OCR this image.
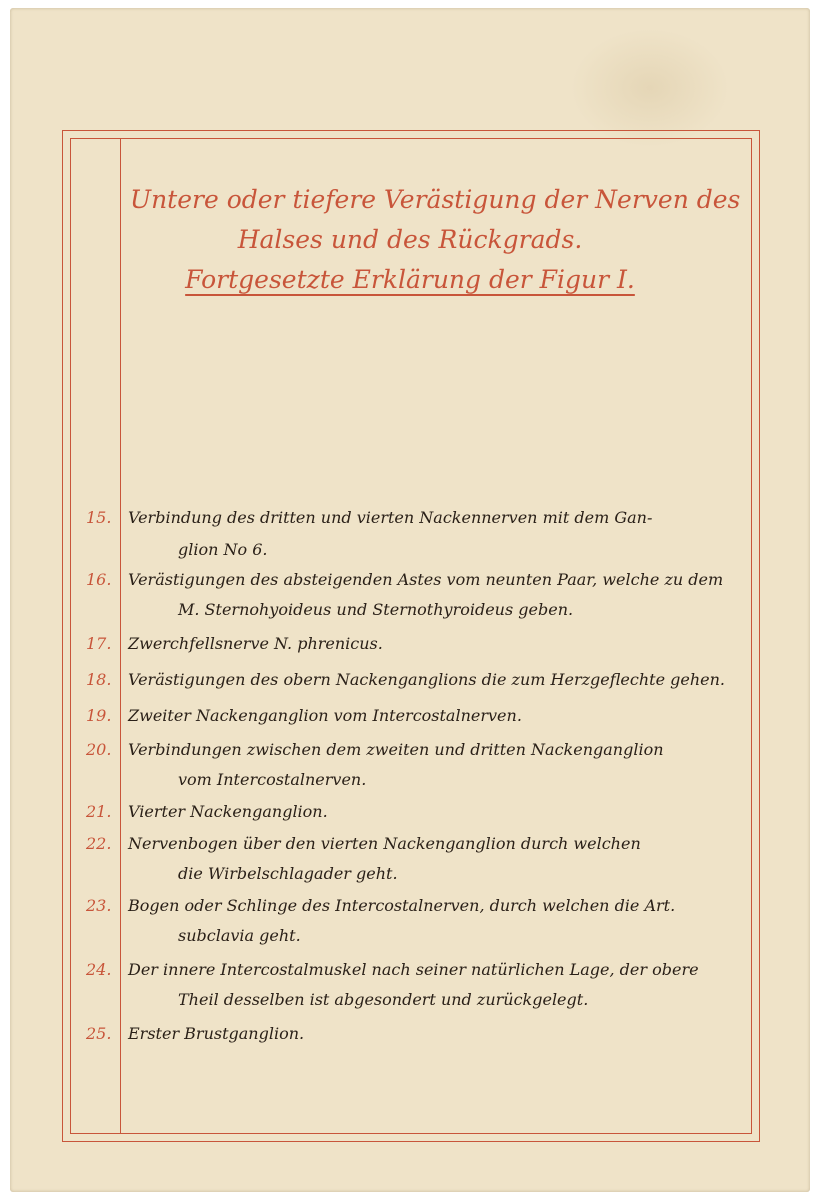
Untere oder tiefere Verästigung der Nerven des
Halses und des Rückgrads.
Fortgesetzte Erklärung der Figur I.
15.	Verbindung des dritten und vierten Nackennerven mit dem Gan-
glion No 6.
16.	Verästigungen des absteigenden Astes vom neunten Paar, welche zu dem
M. Sternohyoideus und Sternothyroideus geben.
17.	Zwerchfellsnerve N. phrenicus.
18.	Verästigungen des obern Nackenganglions die zum Herzgeflechte gehen.
19.	Zweiter Nackenganglion vom Intercostalnerven.
20.	Verbindungen zwischen dem zweiten und dritten Nackenganglion
vom Intercostalnerven.
21.	Vierter Nackenganglion.
22.	Nervenbogen über den vierten Nackenganglion durch welchen
die Wirbelschlagader geht.
23.	Bogen oder Schlinge des Intercostalnerven, durch welchen die Art.
subclavia geht.
24.	Der innere Intercostalmuskel nach seiner natürlichen Lage, der obere
Theil desselben ist abgesondert und zurückgelegt.
25.	Erster Brustganglion.
